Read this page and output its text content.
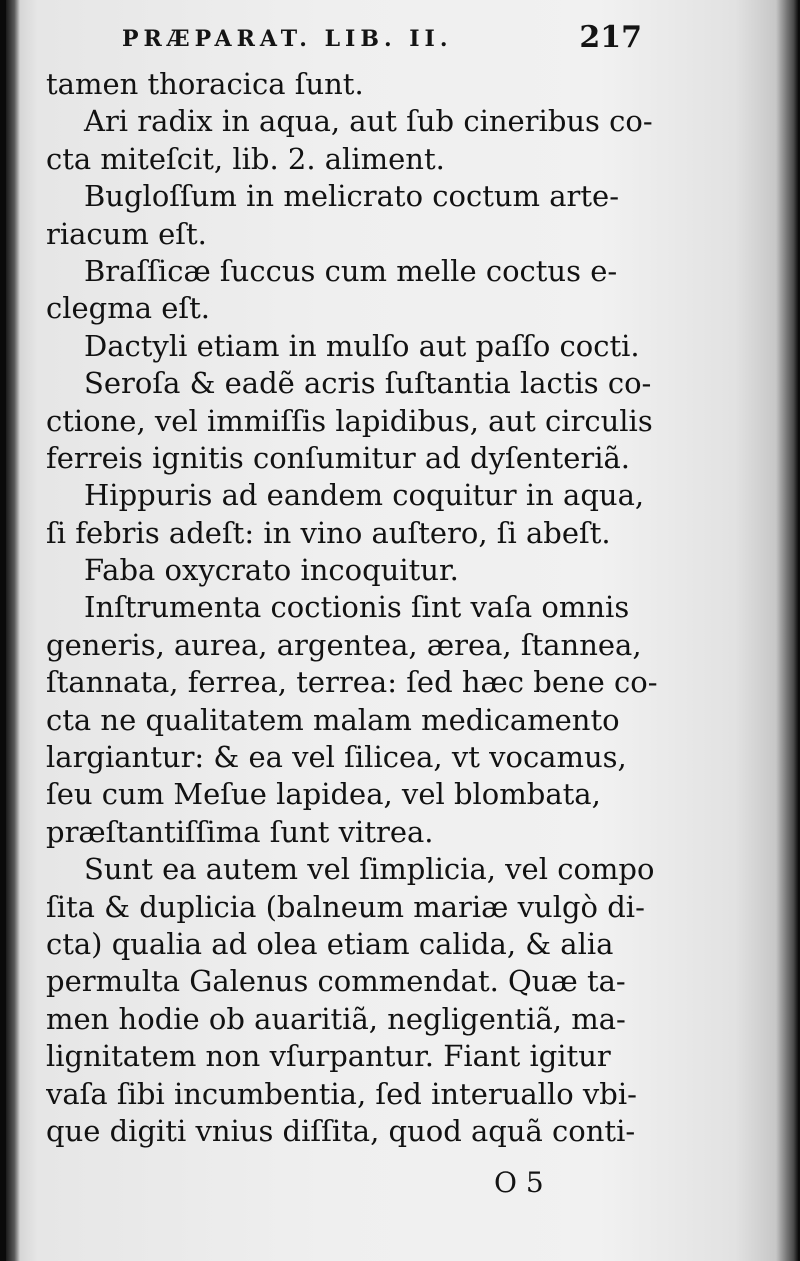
PRÆPARAT. LIB. II.	217
tamen thoracica ſunt.
Ari radix in aqua, aut ſub cineribus co-
cta miteſcit, lib. 2. aliment.
Bugloſſum in melicrato coctum arte-
riacum eſt.
Braſſicæ ſuccus cum melle coctus e-
clegma eſt.
Dactyli etiam in mulſo aut paſſo cocti.
Seroſa & eadẽ acris ſuſtantia lactis co-
ctione, vel immiſſis lapidibus, aut circulis
ferreis ignitis conſumitur ad dyſenteriã.
Hippuris ad eandem coquitur in aqua,
ſi febris adeſt: in vino auſtero, ſi abeſt.
Faba oxycrato incoquitur.
Inſtrumenta coctionis ſint vaſa omnis
generis, aurea, argentea, ærea, ſtannea,
ſtannata, ferrea, terrea: ſed hæc bene co-
cta ne qualitatem malam medicamento
largiantur: & ea vel ſilicea, vt vocamus,
ſeu cum Meſue lapidea, vel blombata,
præſtantiſſima ſunt vitrea.
Sunt ea autem vel ſimplicia, vel compo
ſita & duplicia (balneum mariæ vulgò di-
cta) qualia ad olea etiam calida, & alia
permulta Galenus commendat. Quæ ta-
men hodie ob auaritiã, negligentiã, ma-
lignitatem non vſurpantur. Fiant igitur
vaſa ſibi incumbentia, ſed interuallo vbi-
que digiti vnius diſſita, quod aquã conti-
O 5
